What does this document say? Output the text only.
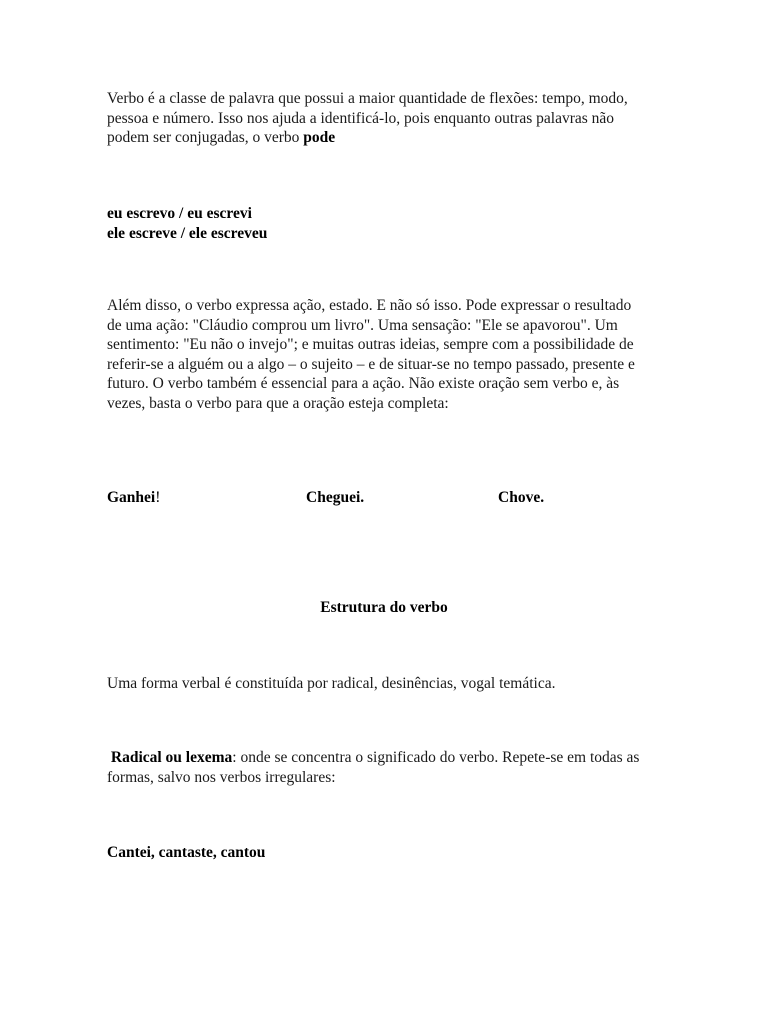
Verbo é a classe de palavra que possui a maior quantidade de flexões: tempo, modo, pessoa e número. Isso nos ajuda a identificá-lo, pois enquanto outras palavras não podem ser conjugadas, o verbo pode

eu escrevo / eu escrevi
ele escreve / ele escreveu

Além disso, o verbo expressa ação, estado. E não só isso. Pode expressar o resultado de uma ação: "Cláudio comprou um livro". Uma sensação: "Ele se apavorou". Um sentimento: "Eu não o invejo"; e muitas outras ideias, sempre com a possibilidade de referir-se a alguém ou a algo – o sujeito – e de situar-se no tempo passado, presente e futuro. O verbo também é essencial para a ação. Não existe oração sem verbo e, às vezes, basta o verbo para que a oração esteja completa:

Ganhei!	Cheguei.	Chove.

Estrutura do verbo

Uma forma verbal é constituída por radical, desinências, vogal temática.

Radical ou lexema: onde se concentra o significado do verbo. Repete-se em todas as formas, salvo nos verbos irregulares:

Cantei, cantaste, cantou
